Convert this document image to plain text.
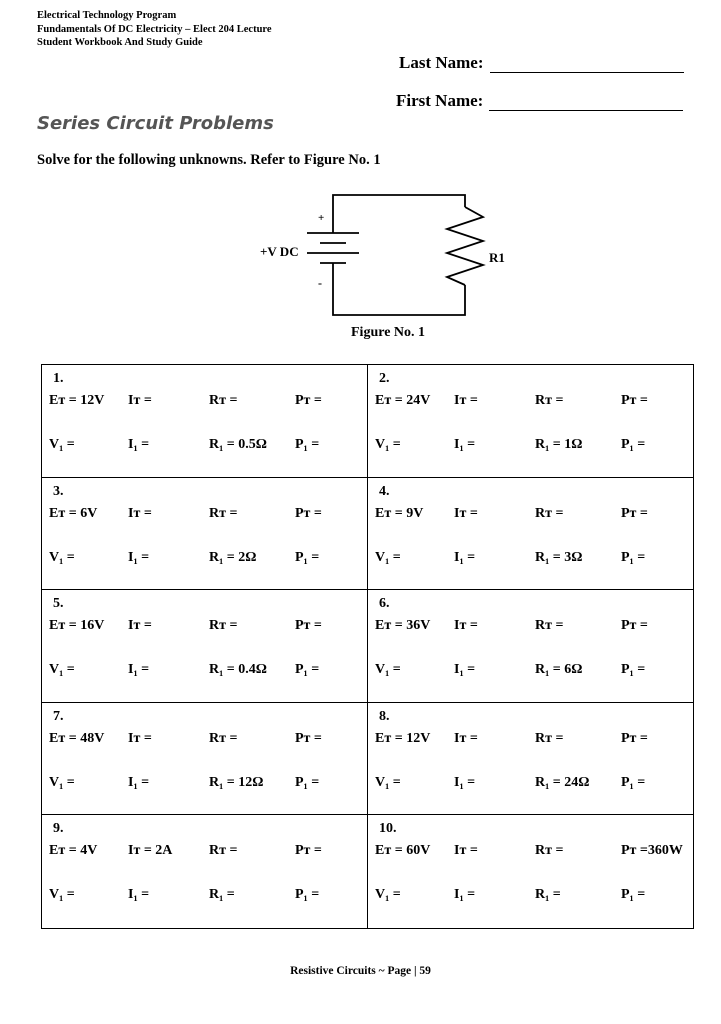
Electrical Technology Program
Fundamentals Of DC Electricity – Elect 204 Lecture
Student Workbook And Study Guide
Last Name:
First Name:
Series Circuit Problems
Solve for the following unknowns. Refer to Figure No. 1
+
-
+V DC	R1
Figure No. 1
1.
Eᴛ = 12V Iᴛ =	Rᴛ =	Pᴛ =
V₁ =	I₁ =	R₁ = 0.5Ω P₁ =
2.
Eᴛ = 24V Iᴛ =	Rᴛ =	Pᴛ =
V₁ =	I₁ =	R₁ = 1Ω	P₁ =
3.
Eᴛ = 6V Iᴛ =	Rᴛ =	Pᴛ =
V₁ =	I₁ =	R₁ = 2Ω	P₁ =
4.
Eᴛ = 9V Iᴛ =	Rᴛ =	Pᴛ =
V₁ =	I₁ =	R₁ = 3Ω	P₁ =
5.
Eᴛ = 16V Iᴛ =	Rᴛ =	Pᴛ =
V₁ =	I₁ =	R₁ = 0.4Ω P₁ =
6.
Eᴛ = 36V Iᴛ =	Rᴛ =	Pᴛ =
V₁ =	I₁ =	R₁ = 6Ω	P₁ =
7.
Eᴛ = 48V Iᴛ =	Rᴛ =	Pᴛ =
V₁ =	I₁ =	R₁ = 12Ω P₁ =
8.
Eᴛ = 12V Iᴛ =	Rᴛ =	Pᴛ =
V₁ =	I₁ =	R₁ = 24Ω P₁ =
9.
Eᴛ = 4V Iᴛ = 2A	Rᴛ =	Pᴛ =
V₁ =	I₁ =	R₁ =	P₁ =
10.
Eᴛ = 60V Iᴛ =	Rᴛ =	Pᴛ =360W
V₁ =	I₁ =	R₁ =	P₁ =
Resistive Circuits ~ Page | 59
